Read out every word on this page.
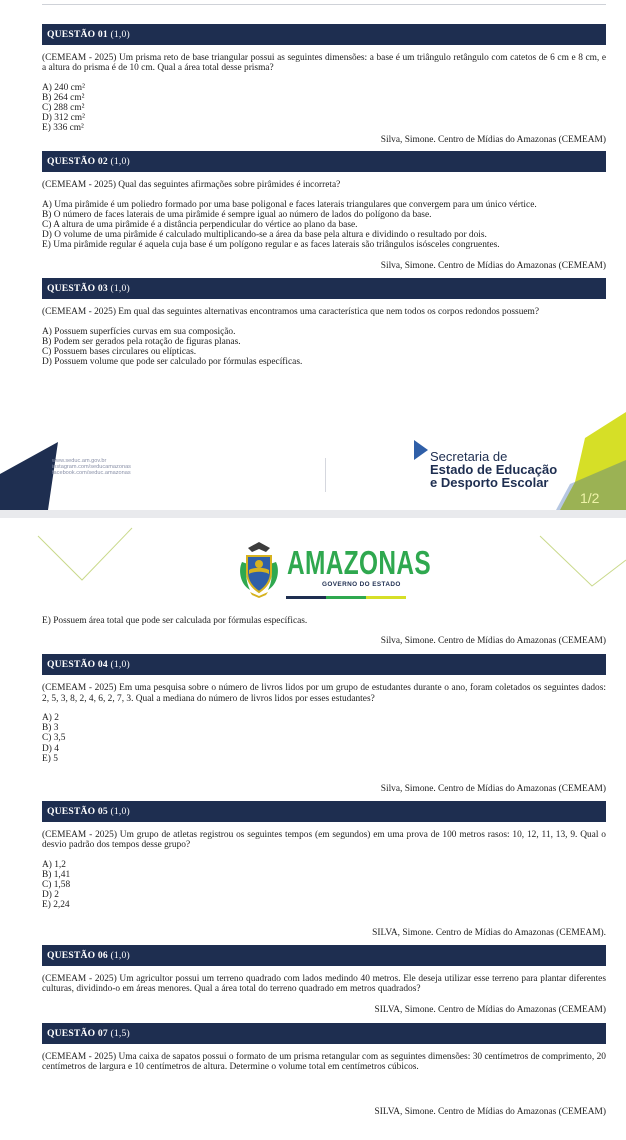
QUESTÃO 01 (1,0)

(CEMEAM - 2025) Um prisma reto de base triangular possui as seguintes dimensões: a base é um triângulo retângulo com catetos de 6 cm e 8 cm, e a altura do prisma é de 10 cm. Qual a área total desse prisma?

A) 240 cm²
B) 264 cm²
C) 288 cm²
D) 312 cm²
E) 336 cm²

Silva, Simone. Centro de Mídias do Amazonas (CEMEAM)

QUESTÃO 02 (1,0)

(CEMEAM - 2025) Qual das seguintes afirmações sobre pirâmides é incorreta?

A) Uma pirâmide é um poliedro formado por uma base poligonal e faces laterais triangulares que convergem para um único vértice.
B) O número de faces laterais de uma pirâmide é sempre igual ao número de lados do polígono da base.
C) A altura de uma pirâmide é a distância perpendicular do vértice ao plano da base.
D) O volume de uma pirâmide é calculado multiplicando-se a área da base pela altura e dividindo o resultado por dois.
E) Uma pirâmide regular é aquela cuja base é um polígono regular e as faces laterais são triângulos isósceles congruentes.

Silva, Simone. Centro de Mídias do Amazonas (CEMEAM)

QUESTÃO 03 (1,0)

(CEMEAM - 2025) Em qual das seguintes alternativas encontramos uma característica que nem todos os corpos redondos possuem?

A) Possuem superfícies curvas em sua composição.
B) Podem ser gerados pela rotação de figuras planas.
C) Possuem bases circulares ou elípticas.
D) Possuem volume que pode ser calculado por fórmulas específicas.
www.seduc.am.gov.br
instagram.com/seducamazonas
facebook.com/seduc.amazonas
Secretaria de
Estado de Educação
e Desporto Escolar
1/2
AMAZONAS
GOVERNO DO ESTADO

E) Possuem área total que pode ser calculada por fórmulas específicas.

Silva, Simone. Centro de Mídias do Amazonas (CEMEAM)

QUESTÃO 04 (1,0)

(CEMEAM - 2025) Em uma pesquisa sobre o número de livros lidos por um grupo de estudantes durante o ano, foram coletados os seguintes dados: 2, 5, 3, 8, 2, 4, 6, 2, 7, 3. Qual a mediana do número de livros lidos por esses estudantes?

A) 2
B) 3
C) 3,5
D) 4
E) 5

Silva, Simone. Centro de Mídias do Amazonas (CEMEAM)

QUESTÃO 05 (1,0)

(CEMEAM - 2025) Um grupo de atletas registrou os seguintes tempos (em segundos) em uma prova de 100 metros rasos: 10, 12, 11, 13, 9. Qual o desvio padrão dos tempos desse grupo?

A) 1,2
B) 1,41
C) 1,58
D) 2
E) 2,24

SILVA, Simone. Centro de Mídias do Amazonas (CEMEAM).

QUESTÃO 06 (1,0)

(CEMEAM - 2025) Um agricultor possui um terreno quadrado com lados medindo 40 metros. Ele deseja utilizar esse terreno para plantar diferentes culturas, dividindo-o em áreas menores. Qual a área total do terreno quadrado em metros quadrados?

SILVA, Simone. Centro de Mídias do Amazonas (CEMEAM)

QUESTÃO 07 (1,5)

(CEMEAM - 2025) Uma caixa de sapatos possui o formato de um prisma retangular com as seguintes dimensões: 30 centímetros de comprimento, 20 centímetros de largura e 10 centímetros de altura. Determine o volume total em centímetros cúbicos.

SILVA, Simone. Centro de Mídias do Amazonas (CEMEAM)
